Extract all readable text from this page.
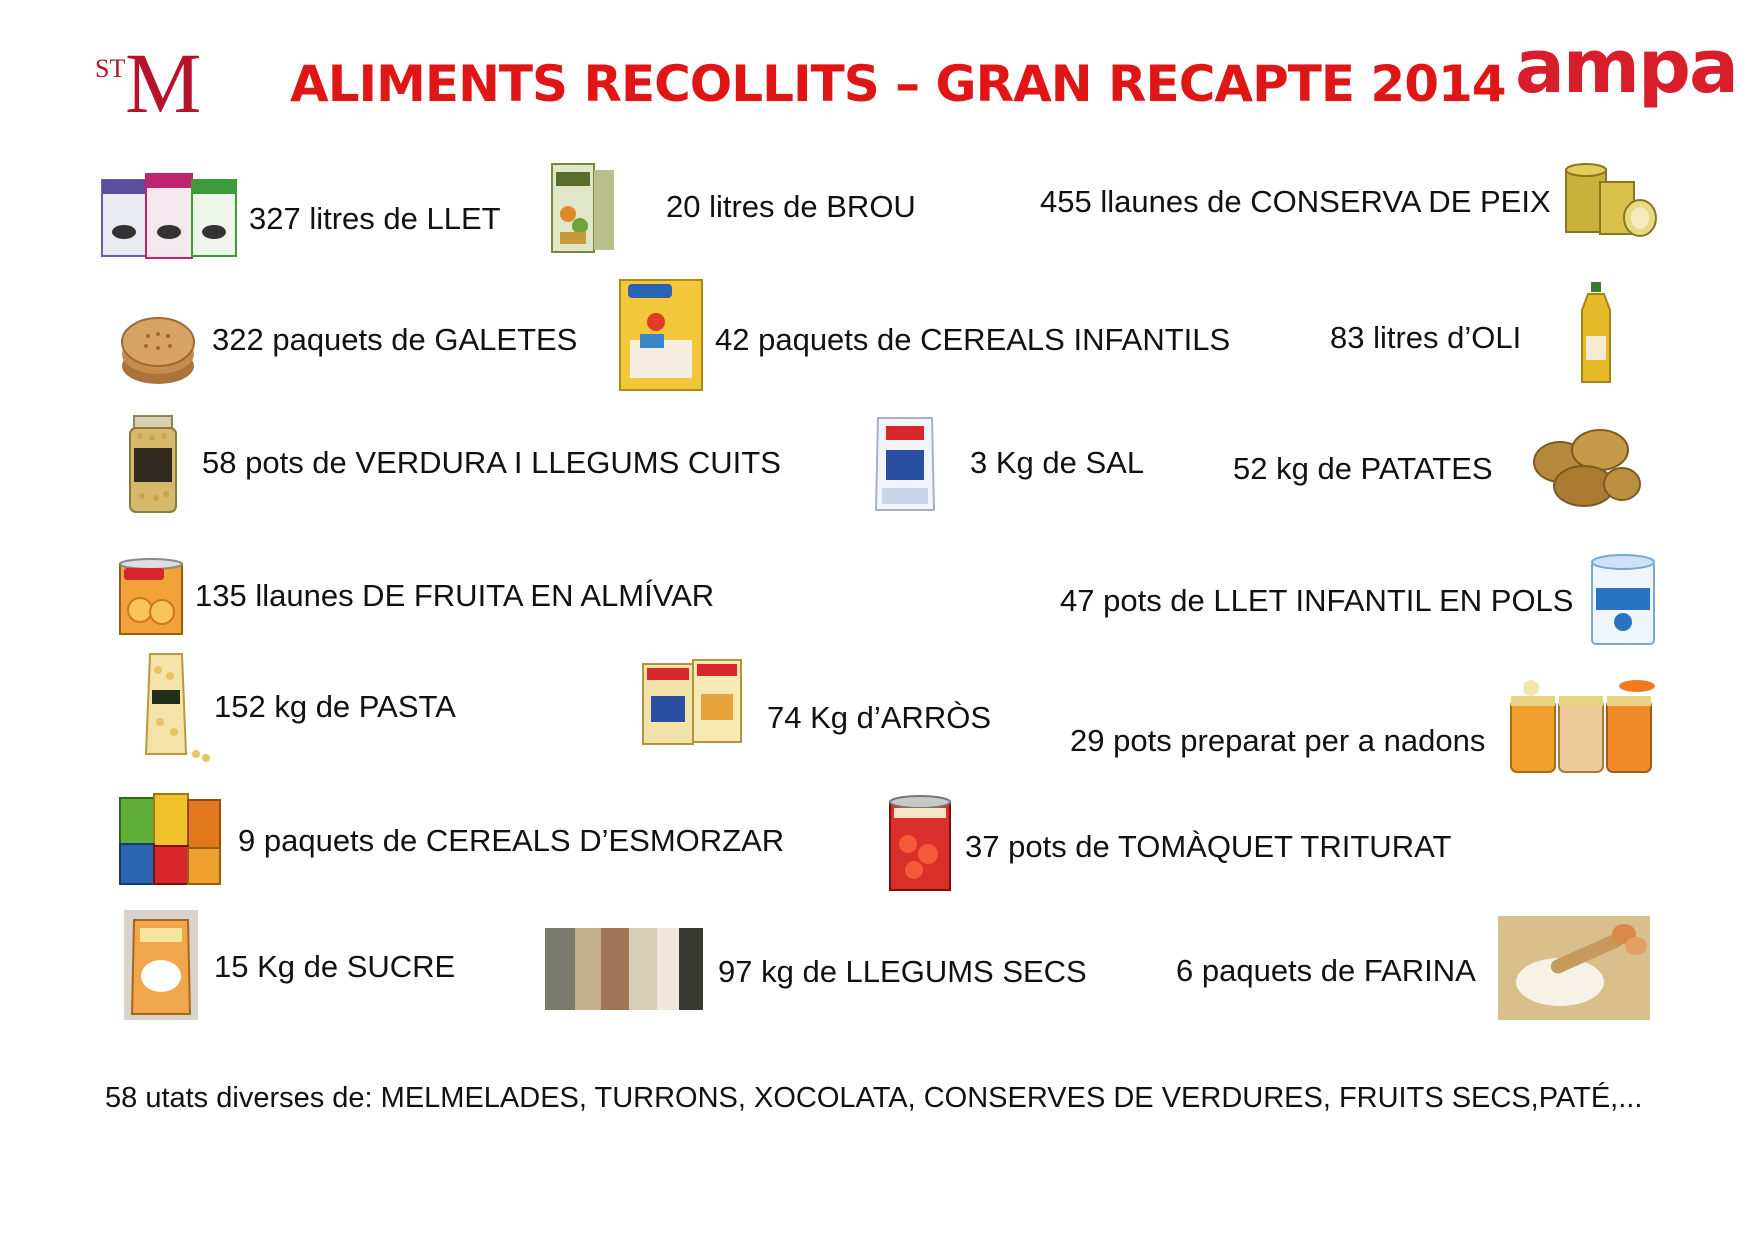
ST M ALIMENTS RECOLLITS – GRAN RECAPTE 2014 ampa
327 litres de LLET	20 litres de BROU	455 llaunes de CONSERVA DE PEIX
322 paquets de GALETES	42 paquets de CEREALS INFANTILS	83 litres d’OLI
58 pots de VERDURA I LLEGUMS CUITS	3 Kg de SAL	52 kg de PATATES
135 llaunes DE FRUITA EN ALMÍVAR	47 pots de LLET INFANTIL EN POLS
152 kg de PASTA	74 Kg d’ARRÒS
29 pots preparat per a nadons
9 paquets de CEREALS D’ESMORZAR	37 pots de TOMÀQUET TRITURAT
15 Kg de SUCRE	97 kg de LLEGUMS SECS	6 paquets de FARINA
58 utats diverses de: MELMELADES, TURRONS, XOCOLATA, CONSERVES DE VERDURES, FRUITS SECS,PATÉ,...
